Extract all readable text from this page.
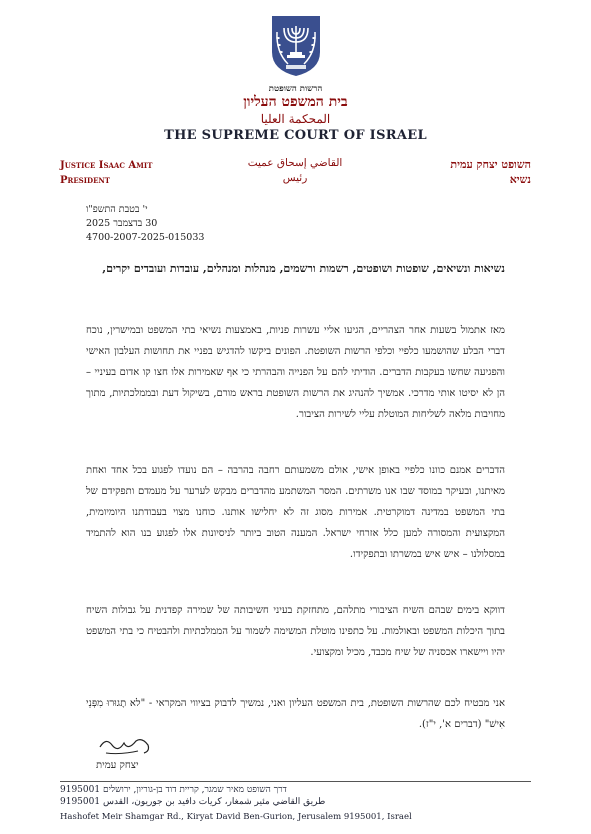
הרשות השופטת
בית המשפט העליון
المحكمة العليا
THE SUPREME COURT OF ISRAEL
Justice Isaac Amit
President
القاضي إسحاق عميت
رئيس
השופט יצחק עמית
נשיא
י' בטבת התשפ"ו
30 בדצמבר 2025
4700-2007-2025-015033
נשיאות ונשיאים, שופטות ושופטים, רשמות ורשמים, מנהלות ומנהלים, עובדות ועובדים יקרים,
מאז אתמול בשעות אחר הצהריים, הגיעו אליי עשרות פניות, באמצעות נשיאי בתי המשפט ובמישרין, נוכח דברי הבלע שהושמעו כלפיי וכלפי הרשות השופטת. הפונים ביקשו להדגיש בפניי את תחושות העלבון האישי והפגיעה שחשו בעקבות הדברים. הודיתי להם על הפנייה והבהרתי כי אף שאמירות אלו חצו קו אדום בעיניי – הן לא יסיטו אותי מדרכי. אמשיך להנהיג את הרשות השופטת בראש מורם, בשיקול דעת ובממלכתיות, מתוך מחויבות מלאה לשליחות המוטלת עליי לשירות הציבור.
הדברים אמנם כוונו כלפיי באופן אישי, אולם משמעותם רחבה בהרבה – הם נועדו לפגוע בכל אחד ואחת מאיתנו, ובעיקר במוסד שבו אנו משרתים. המסר המשתמע מהדברים מבקש לערער על מעמדם ותפקידם של בתי המשפט במדינה דמוקרטית. אמירות מסוג זה לא יחלישו אותנו. כוחנו מצוי בעבודתנו היומיומית, המקצועית והמסורה למען כלל אזרחי ישראל. המענה הטוב ביותר לניסיונות אלו לפגוע בנו הוא להתמיד במסלולנו – איש איש במשרתו ובתפקידו.
דווקא בימים שבהם השיח הציבורי מתלהם, מתחזקת בעיני חשיבותה של שמירה קפדנית על גבולות השיח בתוך היכלות המשפט ובאולמות. על כתפינו מוטלת המשימה לשמור על הממלכתיות ולהבטיח כי בתי המשפט יהיו ויישארו אכסניה של שיח מכבד, מכיל ומקצועי.
אני מבטיח לכם שהרשות השופטת, בית המשפט העליון ואני, נמשיך לדבוק בציווי המקראי - "לא תָגוּרוּ מִפְּנֵי אִישׁ" (דברים א', י"ז).
יצחק עמית
דרך השופט מאיר שמגר, קריית דוד בן-גוריון, ירושלים 9195001
طريق القاضي مئير شمغار، كريات دافيد بن جوريون، القدس 9195001
Hashofet Meir Shamgar Rd., Kiryat David Ben-Gurion, Jerusalem 9195001, Israel
